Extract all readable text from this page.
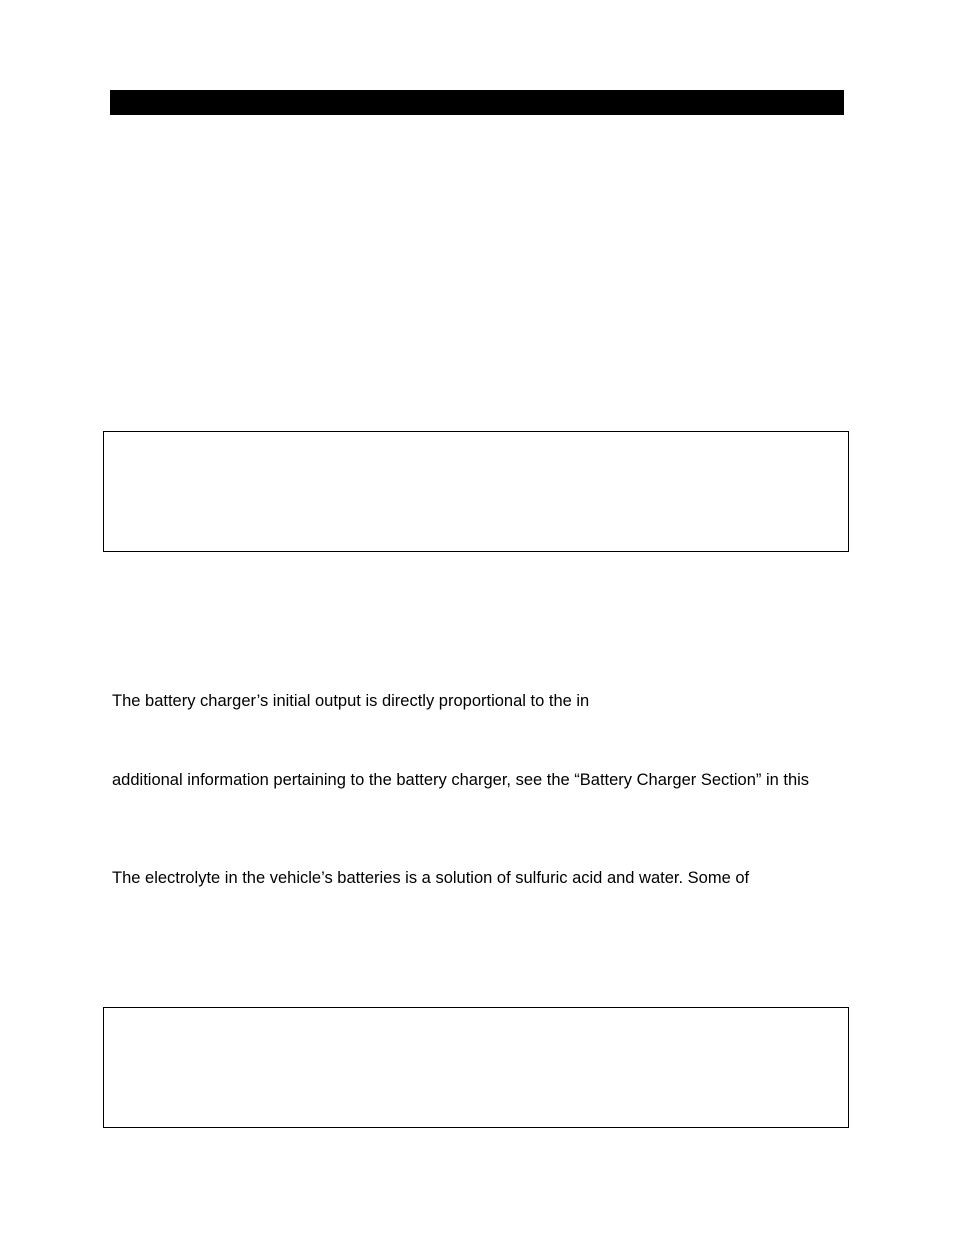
The battery charger’s initial output is directly proportional to the in

additional information pertaining to the battery charger, see the “Battery Charger Section” in this

The electrolyte in the vehicle’s batteries is a solution of sulfuric acid and water. Some of
